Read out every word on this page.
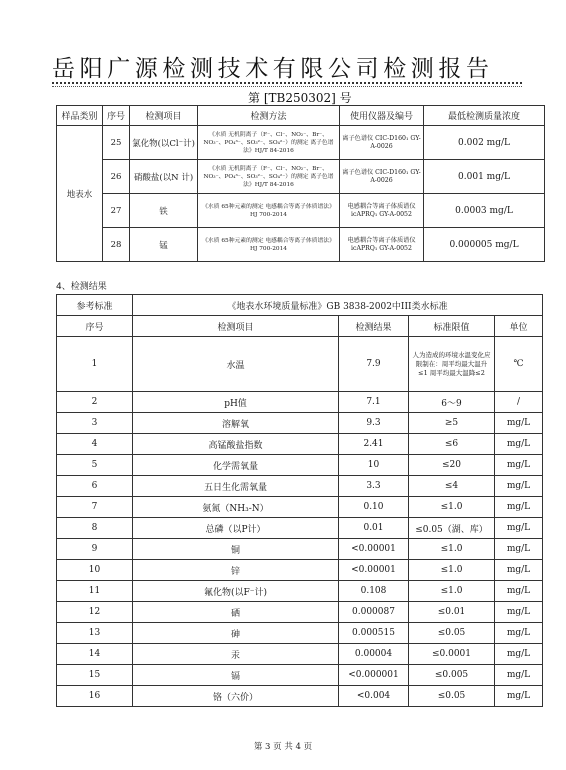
岳阳广源检测技术有限公司检测报告
第 [TB250302] 号
样品类别	序号	检测项目	检测方法	使用仪器及编号	最低检测质量浓度
地表水	25	氯化物(以Cl⁻计)	《水质 无机阴离子（F⁻、Cl⁻、NO₂⁻、Br⁻、NO₃⁻、PO₄³⁻、SO₃²⁻、SO₄²⁻）的测定 离子色谱法》HJ/T 84-2016	离子色谱仪 CIC-D160₁ GY-A-0026	0.002 mg/L
	26	硝酸盐(以N 计)	《水质 无机阴离子（F⁻、Cl⁻、NO₂⁻、Br⁻、NO₃⁻、PO₄³⁻、SO₃²⁻、SO₄²⁻）的测定 离子色谱法》HJ/T 84-2016	离子色谱仪 CIC-D160₁ GY-A-0026	0.001 mg/L
	27	铁	《水质 65种元素的测定 电感耦合等离子体质谱法》 HJ 700-2014	电感耦合等离子体质谱仪icAPRQ₁ GY-A-0052	0.0003 mg/L
	28	锰	《水质 65种元素的测定 电感耦合等离子体质谱法》 HJ 700-2014	电感耦合等离子体质谱仪icAPRQ₁ GY-A-0052	0.000005 mg/L
4、检测结果
参考标准	《地表水环境质量标准》GB 3838-2002中III类水标准			
序号	检测项目	检测结果	标准限值	单位
1	水温	7.9	人为造成的环境水温变化应限制在：周平均最大温升≤1 周平均最大温降≤2	℃
2	pH值	7.1	6～9	/
3	溶解氧	9.3	≥5	mg/L
4	高锰酸盐指数	2.41	≤6	mg/L
5	化学需氧量	10	≤20	mg/L
6	五日生化需氧量	3.3	≤4	mg/L
7	氨氮（NH₃-N）	0.10	≤1.0	mg/L
8	总磷（以P计）	0.01	≤0.05（湖、库）	mg/L
9	铜	<0.00001	≤1.0	mg/L
10	锌	<0.00001	≤1.0	mg/L
11	氟化物(以F⁻计)	0.108	≤1.0	mg/L
12	硒	0.000087	≤0.01	mg/L
13	砷	0.000515	≤0.05	mg/L
14	汞	0.00004	≤0.0001	mg/L
15	镉	<0.000001	≤0.005	mg/L
16	铬（六价）	<0.004	≤0.05	mg/L
第 3 页 共 4 页
